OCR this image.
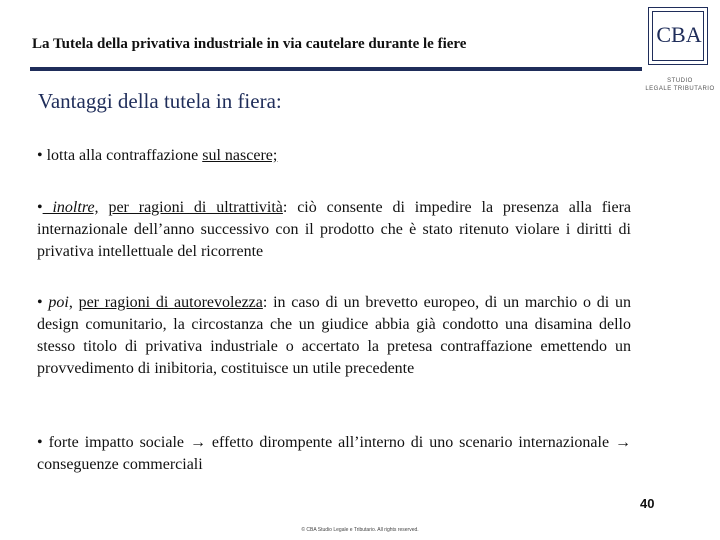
La Tutela della privativa industriale in via cautelare durante le fiere	CBA
STUDIO
LEGALE TRIBUTARIO
Vantaggi della tutela in fiera:
• lotta alla contraffazione sul nascere;
• inoltre, per ragioni di ultrattività: ciò consente di impedire la presenza alla fiera internazionale dell’anno successivo con il prodotto che è stato ritenuto violare i diritti di privativa intellettuale del ricorrente
• poi, per ragioni di autorevolezza: in caso di un brevetto europeo, di un marchio o di un design comunitario, la circostanza che un giudice abbia già condotto una disamina dello stesso titolo di privativa industriale o accertato la pretesa contraffazione emettendo un provvedimento di inibitoria, costituisce un utile precedente
• forte impatto sociale → effetto dirompente all’interno di uno scenario internazionale → conseguenze commerciali
40
© CBA Studio Legale e Tributario. All rights reserved.
